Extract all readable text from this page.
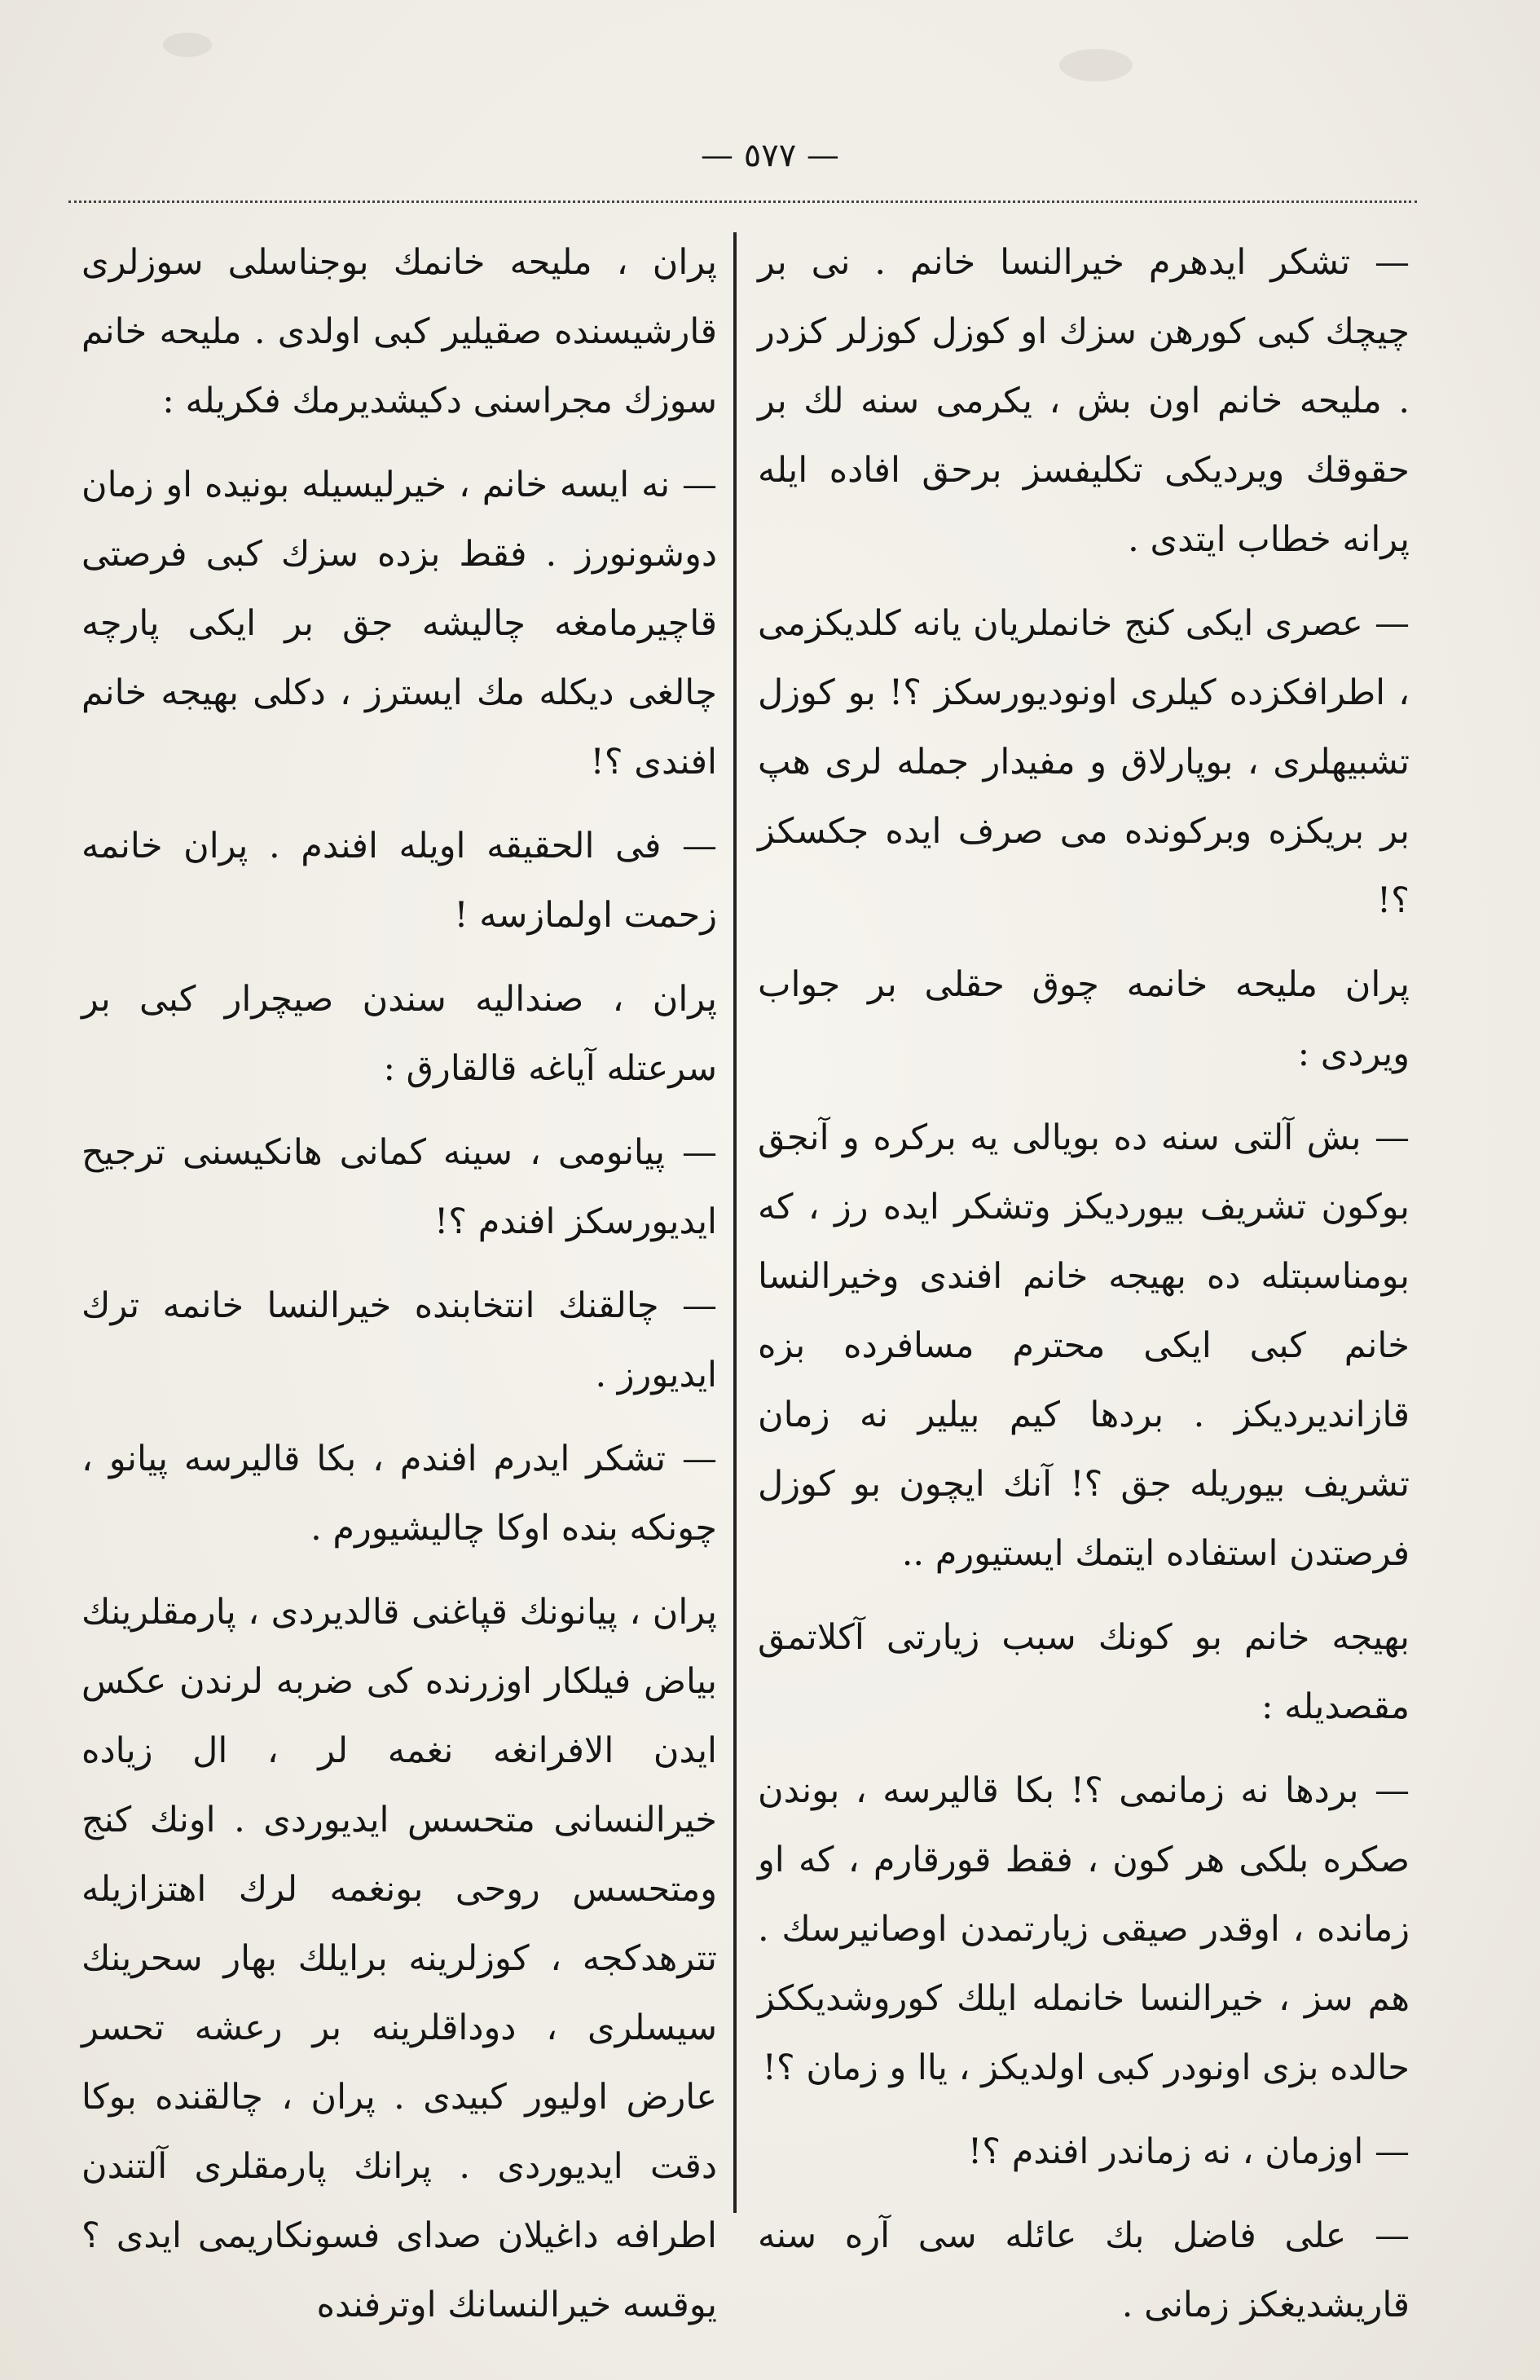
— ٥٧٧ —

— تشكر ايدهرم خيرالنسا خانم . نى بر چيچك كبى كورهن سزك او كوزل كوزلر كزدر . مليحه خانم اون بش ، يكرمى سنه لك بر حقوقك ويرديكى تكليفسز برحق افاده ايله پرانه خطاب ايتدى .

— عصرى ايكى كنج خانملريان يانه كلديكزمى ، اطرافكزده كيلرى اونوديورسكز ؟! بو كوزل تشبيهلرى ، بوپارلاق و مفيدار جمله لرى هپ بر بريكزه وبركونده مى صرف ايده جكسكز ؟!

پران مليحه خانمه چوق حقلى بر جواب ويردى :

— بش آلتى سنه ده بويالى يه بركره و آنجق بوكون تشريف بيورديكز وتشكر ايده رز ، كه بومناسبتله ده بهيجه خانم افندى وخيرالنسا خانم كبى ايكى محترم مسافرده بزه قازانديرديكز . بردها كيم بيلير نه زمان تشريف بيوريله جق ؟! آنك ايچون بو كوزل فرصتدن استفاده ايتمك ايستيورم ..

بهيجه خانم بو كونك سبب زيارتى آكلاتمق مقصديله :

— بردها نه زمانمى ؟! بكا قاليرسه ، بوندن صكره بلكى هر كون ، فقط قورقارم ، كه او زمانده ، اوقدر صيقى زيارتمدن اوصانيرسك . هم سز ، خيرالنسا خانمله ايلك كوروشديككز حالده بزى اونودر كبى اولديكز ، ياا و زمان ؟!

— اوزمان ، نه زماندر افندم ؟!

— على فاضل بك عائله سى آره سنه قاريشديغكز زمانى .

پران ، مليحه خانمك بوجناسلى سوزلرى قارشيسنده صقيلير كبى اولدى . مليحه خانم سوزك مجراسنى دكيشديرمك فكريله :

— نه ايسه خانم ، خيرليسيله بونيده او زمان دوشونورز . فقط بزده سزك كبى فرصتى قاچيرمامغه چاليشه جق بر ايكى پارچه چالغى ديكله مك ايسترز ، دكلى بهيجه خانم افندى ؟!

— فى الحقيقه اويله افندم . پران خانمه زحمت اولمازسه !

پران ، صنداليه سندن صيچرار كبى بر سرعتله آياغه قالقارق :

— پيانومى ، سينه كمانى هانكيسنى ترجيح ايديورسكز افندم ؟!

— چالقنك انتخابنده خيرالنسا خانمه ترك ايديورز .

— تشكر ايدرم افندم ، بكا قاليرسه پيانو ، چونكه بنده اوكا چاليشيورم .

پران ، پيانونك قپاغنى قالديردى ، پارمقلرينك بياض فيلكار اوزرنده كى ضربه لرندن عكس ايدن الافرانغه نغمه لر ، ال زياده خيرالنسانى متحسس ايديوردى . اونك كنج ومتحسس روحى بونغمه لرك اهتزازيله تترهدكجه ، كوزلرينه برايلك بهار سحرينك سيسلرى ، دوداقلرينه بر رعشه تحسر عارض اوليور كبيدى . پران ، چالقنده بوكا دقت ايديوردى . پرانك پارمقلرى آلتندن اطرافه داغيلان صداى فسونكاريمى ايدى ؟ يوقسه خيرالنسانك اوترفنده
